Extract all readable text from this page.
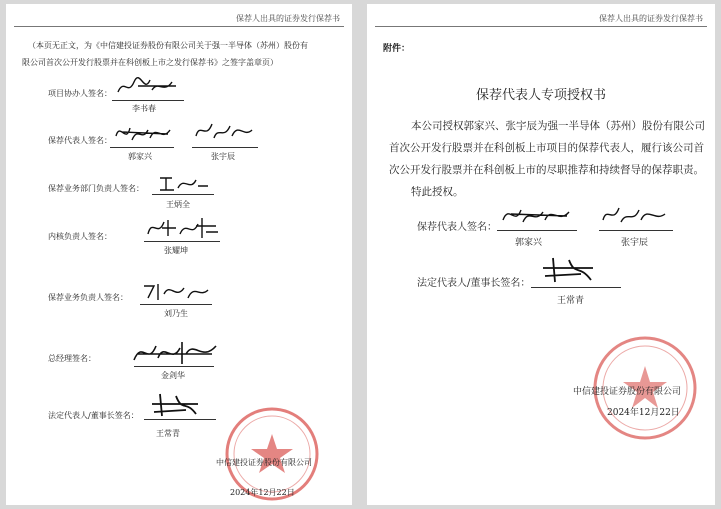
保荐人出具的证券发行保荐书
（本页无正文，为《中信建投证券股份有限公司关于强一半导体（苏州）股份有
限公司首次公开发行股票并在科创板上市之发行保荐书》之签字盖章页）
项目协办人签名：
李书春
保荐代表人签名：
郭家兴	张宇辰
保荐业务部门负责人签名：
王炳全
内核负责人签名：
张耀坤
保荐业务负责人签名：
刘乃生
总经理签名：
金剑华
法定代表人/董事长签名：
王常青
中信建投证券股份有限公司
2024年12月22日
保荐人出具的证券发行保荐书
附件：
保荐代表人专项授权书
本公司授权郭家兴、张宇辰为强一半导体（苏州）股份有限公司
首次公开发行股票并在科创板上市项目的保荐代表人，履行该公司首
次公开发行股票并在科创板上市的尽职推荐和持续督导的保荐职责。
特此授权。
保荐代表人签名：
郭家兴	张宇辰
法定代表人/董事长签名：
王常青
中信建投证券股份有限公司
2024年12月22日
